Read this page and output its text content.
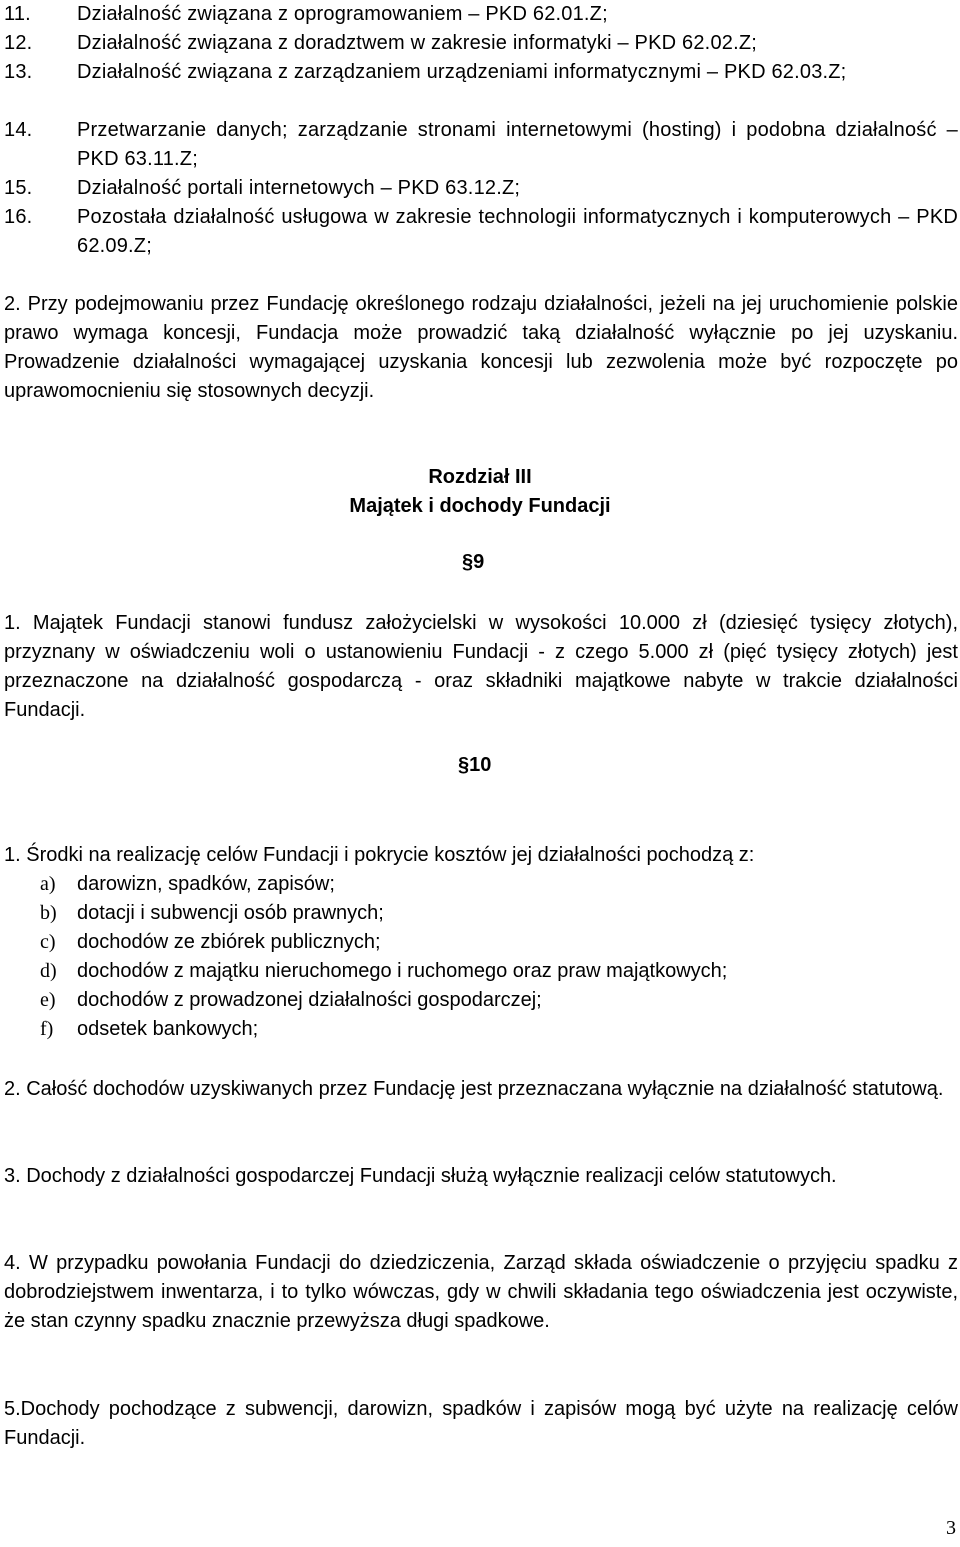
11.	Działalność związana z oprogramowaniem – PKD 62.01.Z;
12.	Działalność związana z doradztwem w zakresie informatyki – PKD 62.02.Z;
13.	Działalność związana z zarządzaniem urządzeniami informatycznymi – PKD 62.03.Z;
14.	Przetwarzanie danych; zarządzanie stronami internetowymi (hosting) i podobna działalność – PKD 63.11.Z;
15.	Działalność portali internetowych – PKD 63.12.Z;
16.	Pozostała działalność usługowa w zakresie technologii informatycznych i komputerowych – PKD 62.09.Z;
2. Przy podejmowaniu przez Fundację określonego rodzaju działalności, jeżeli na jej uruchomienie polskie prawo wymaga koncesji, Fundacja może prowadzić taką działalność wyłącznie po jej uzyskaniu. Prowadzenie działalności wymagającej uzyskania koncesji lub zezwolenia może być rozpoczęte po uprawomocnieniu się stosownych decyzji.
Rozdział III
Majątek i dochody Fundacji
§9
1. Majątek Fundacji stanowi fundusz założycielski w wysokości 10.000 zł (dziesięć tysięcy złotych), przyznany w oświadczeniu woli o ustanowieniu Fundacji - z czego 5.000 zł (pięć tysięcy złotych) jest przeznaczone na działalność gospodarczą - oraz składniki majątkowe nabyte w trakcie działalności Fundacji.
§10
1. Środki na realizację celów Fundacji i pokrycie kosztów jej działalności pochodzą z:
a) darowizn, spadków, zapisów;
b) dotacji i subwencji osób prawnych;
c) dochodów ze zbiórek publicznych;
d) dochodów z majątku nieruchomego i ruchomego oraz praw majątkowych;
e) dochodów z prowadzonej działalności gospodarczej;
f) odsetek bankowych;
2. Całość dochodów uzyskiwanych przez Fundację jest przeznaczana wyłącznie na działalność statutową.
3. Dochody z działalności gospodarczej Fundacji służą wyłącznie realizacji celów statutowych.
4. W przypadku powołania Fundacji do dziedziczenia, Zarząd składa oświadczenie o przyjęciu spadku z dobrodziejstwem inwentarza, i to tylko wówczas, gdy w chwili składania tego oświadczenia jest oczywiste, że stan czynny spadku znacznie przewyższa długi spadkowe.
5.Dochody pochodzące z subwencji, darowizn, spadków i zapisów mogą być użyte na realizację celów Fundacji.
3
